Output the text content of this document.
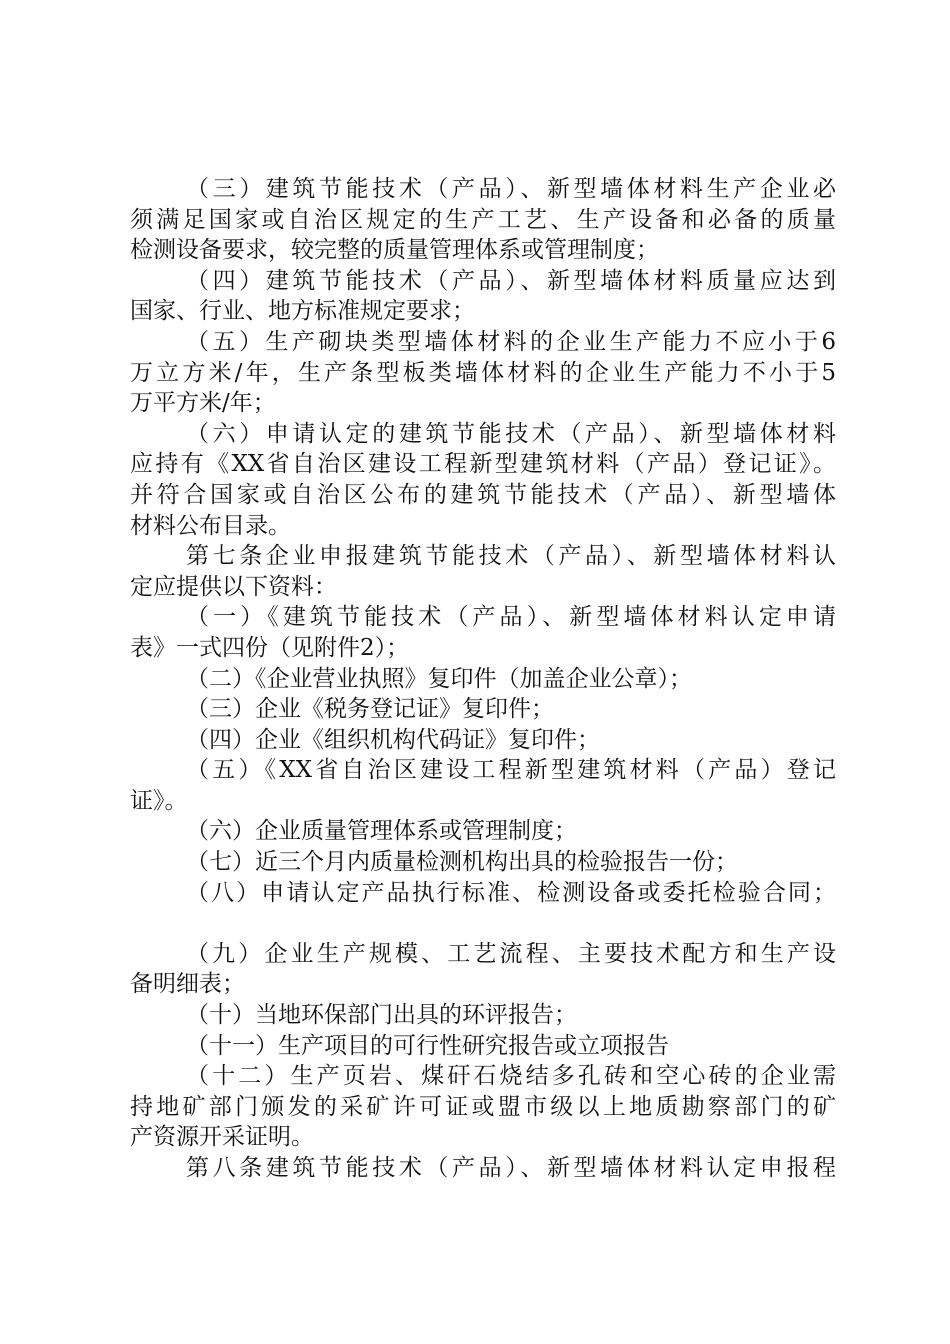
（三）建筑节能技术（产品）、新型墙体材料生产企业必
须满足国家或自治区规定的生产工艺、生产设备和必备的质量
检测设备要求，较完整的质量管理体系或管理制度；
（四）建筑节能技术（产品）、新型墙体材料质量应达到
国家、行业、地方标准规定要求；
（五）生产砌块类型墙体材料的企业生产能力不应小于6
万立方米/年，生产条型板类墙体材料的企业生产能力不小于5
万平方米/年；
（六）申请认定的建筑节能技术（产品）、新型墙体材料
应持有《XX省自治区建设工程新型建筑材料（产品）登记证》。
并符合国家或自治区公布的建筑节能技术（产品）、新型墙体
材料公布目录。
第七条企业申报建筑节能技术（产品）、新型墙体材料认
定应提供以下资料：
（一）《建筑节能技术（产品）、新型墙体材料认定申请
表》一式四份（见附件2）；
（二）《企业营业执照》复印件（加盖企业公章）；
（三）企业《税务登记证》复印件；
（四）企业《组织机构代码证》复印件；
（五）《XX省自治区建设工程新型建筑材料（产品）登记
证》。
（六）企业质量管理体系或管理制度；
（七）近三个月内质量检测机构出具的检验报告一份；
（八）申请认定产品执行标准、检测设备或委托检验合同；
（九）企业生产规模、工艺流程、主要技术配方和生产设
备明细表；
（十）当地环保部门出具的环评报告；
（十一）生产项目的可行性研究报告或立项报告
（十二）生产页岩、煤矸石烧结多孔砖和空心砖的企业需
持地矿部门颁发的采矿许可证或盟市级以上地质勘察部门的矿
产资源开采证明。
第八条建筑节能技术（产品）、新型墙体材料认定申报程
